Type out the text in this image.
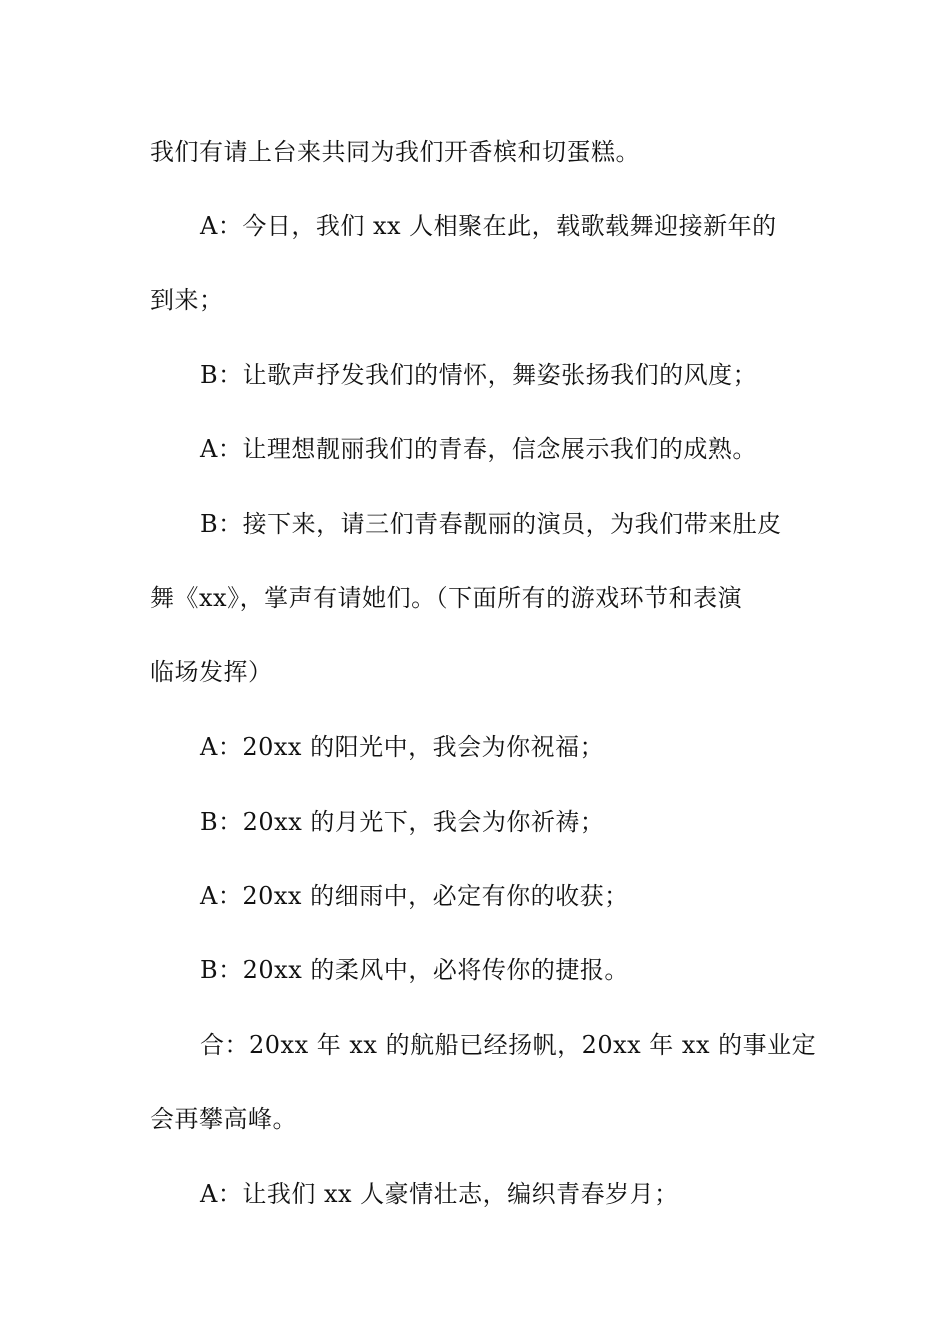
我们有请上台来共同为我们开香槟和切蛋糕。
A：今日，我们 xx 人相聚在此，载歌载舞迎接新年的
到来；
B：让歌声抒发我们的情怀，舞姿张扬我们的风度；
A：让理想靓丽我们的青春，信念展示我们的成熟。
B：接下来，请三们青春靓丽的演员，为我们带来肚皮
舞《xx》，掌声有请她们。（下面所有的游戏环节和表演
临场发挥）
A：20xx 的阳光中，我会为你祝福；
B：20xx 的月光下，我会为你祈祷；
A：20xx 的细雨中，必定有你的收获；
B：20xx 的柔风中，必将传你的捷报。
合：20xx 年 xx 的航船已经扬帆，20xx 年 xx 的事业定
会再攀高峰。
A：让我们 xx 人豪情壮志，编织青春岁月；
